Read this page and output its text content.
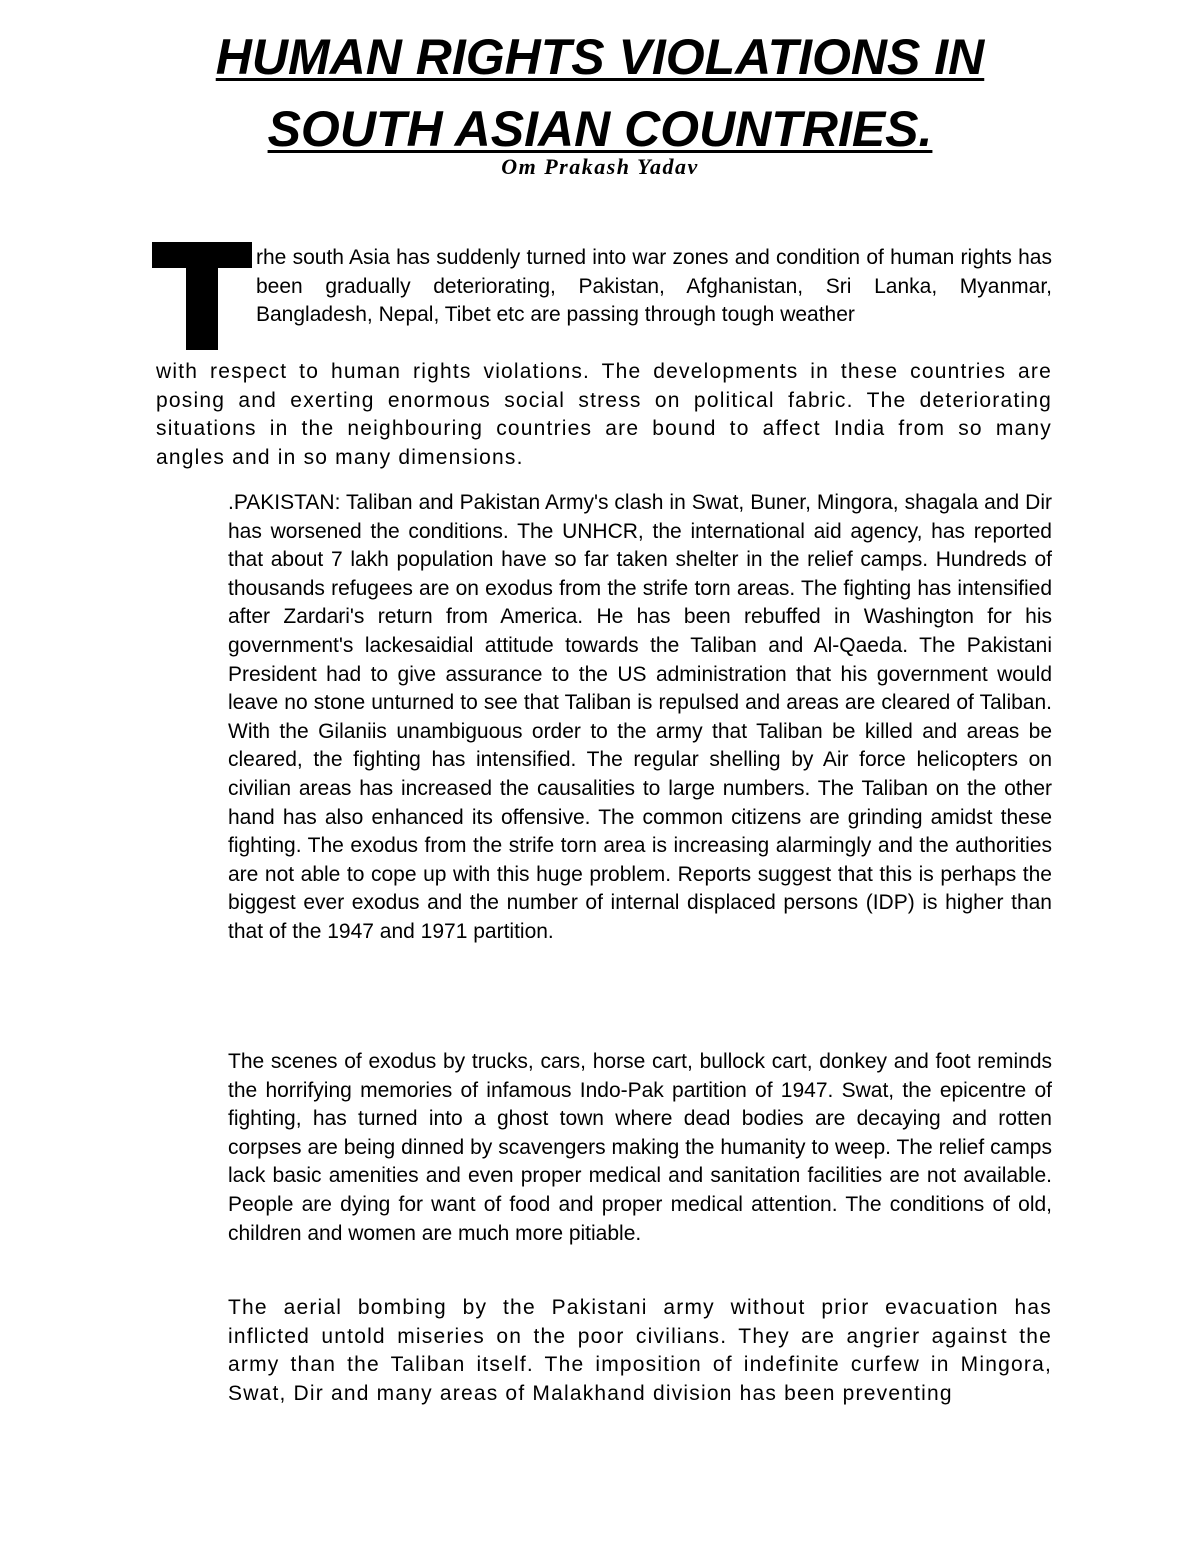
HUMAN RIGHTS VIOLATIONS IN
SOUTH ASIAN COUNTRIES.
Om Prakash Yadav

rhe south Asia has suddenly turned into war zones and condition of human rights has been gradually deteriorating, Pakistan, Afghanistan, Sri Lanka, Myanmar, Bangladesh, Nepal, Tibet etc are passing through tough weather

with respect to human rights violations. The developments in these countries are posing and exerting enormous social stress on political fabric. The deteriorating situations in the neighbouring countries are bound to affect India from so many angles and in so many dimensions.

.PAKISTAN: Taliban and Pakistan Army's clash in Swat, Buner, Mingora, shagala and Dir has worsened the conditions. The UNHCR, the international aid agency, has reported that about 7 lakh population have so far taken shelter in the relief camps. Hundreds of thousands refugees are on exodus from the strife torn areas. The fighting has intensified after Zardari's return from America. He has been rebuffed in Washington for his government's lackesaidial attitude towards the Taliban and Al-Qaeda. The Pakistani President had to give assurance to the US administration that his government would leave no stone unturned to see that Taliban is repulsed and areas are cleared of Taliban. With the Gilaniis unambiguous order to the army that Taliban be killed and areas be cleared, the fighting has intensified. The regular shelling by Air force helicopters on civilian areas has increased the causalities to large numbers. The Taliban on the other hand has also enhanced its offensive. The common citizens are grinding amidst these fighting. The exodus from the strife torn area is increasing alarmingly and the authorities are not able to cope up with this huge problem. Reports suggest that this is perhaps the biggest ever exodus and the number of internal displaced persons (IDP) is higher than that of the 1947 and 1971 partition.

The scenes of exodus by trucks, cars, horse cart, bullock cart, donkey and foot reminds the horrifying memories of infamous Indo-Pak partition of 1947. Swat, the epicentre of fighting, has turned into a ghost town where dead bodies are decaying and rotten corpses are being dinned by scavengers making the humanity to weep. The relief camps lack basic amenities and even proper medical and sanitation facilities are not available. People are dying for want of food and proper medical attention. The conditions of old, children and women are much more pitiable.

The aerial bombing by the Pakistani army without prior evacuation has inflicted untold miseries on the poor civilians. They are angrier against the army than the Taliban itself. The imposition of indefinite curfew in Mingora, Swat, Dir and many areas of Malakhand division has been preventing
